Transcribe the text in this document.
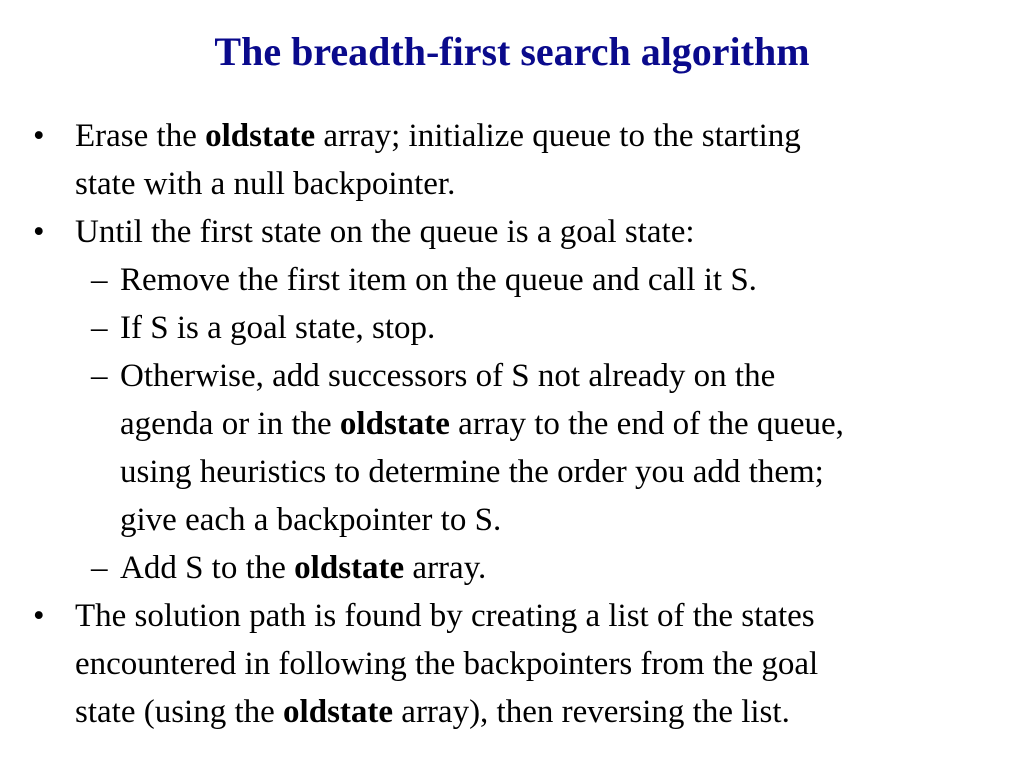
The breadth-first search algorithm
• Erase the oldstate array; initialize queue to the starting
state with a null backpointer.
• Until the first state on the queue is a goal state:
– Remove the first item on the queue and call it S.
– If S is a goal state, stop.
– Otherwise, add successors of S not already on the
agenda or in the oldstate array to the end of the queue,
using heuristics to determine the order you add them;
give each a backpointer to S.
– Add S to the oldstate array.
• The solution path is found by creating a list of the states
encountered in following the backpointers from the goal
state (using the oldstate array), then reversing the list.
